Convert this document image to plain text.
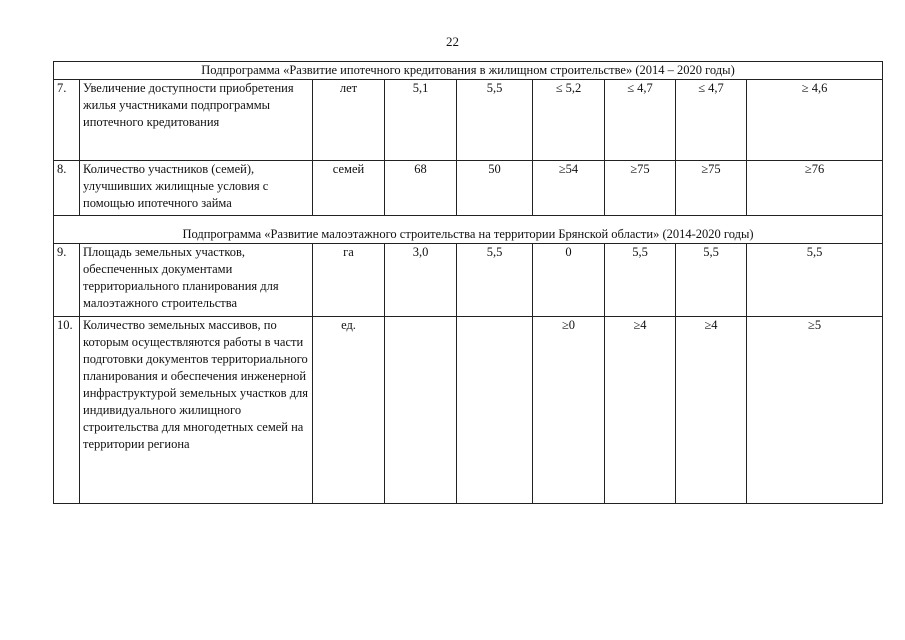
22
Подпрограмма «Развитие ипотечного кредитования в жилищном строительстве» (2014 – 2020 годы)								
7.	Увеличение доступности приобретения жилья участниками подпрограммы ипотечного кредитования	лет	5,1	5,5	≤ 5,2	≤ 4,7	≤ 4,7	≥ 4,6
8.	Количество участников (семей), улучшивших жилищные условия с помощью ипотечного займа	семей	68	50	≥54	≥75	≥75	≥76
Подпрограмма «Развитие малоэтажного строительства на территории Брянской области» (2014-2020 годы)								
9.	Площадь земельных участков, обеспеченных документами территориального планирования для малоэтажного строительства	га	3,0	5,5	0	5,5	5,5	5,5
10.	Количество земельных массивов, по которым осуществляются работы в части подготовки документов территориального планирования и обеспечения инженерной инфраструктурой земельных участков для индивидуального жилищного строительства для многодетных семей на территории региона	ед.			≥0	≥4	≥4	≥5
